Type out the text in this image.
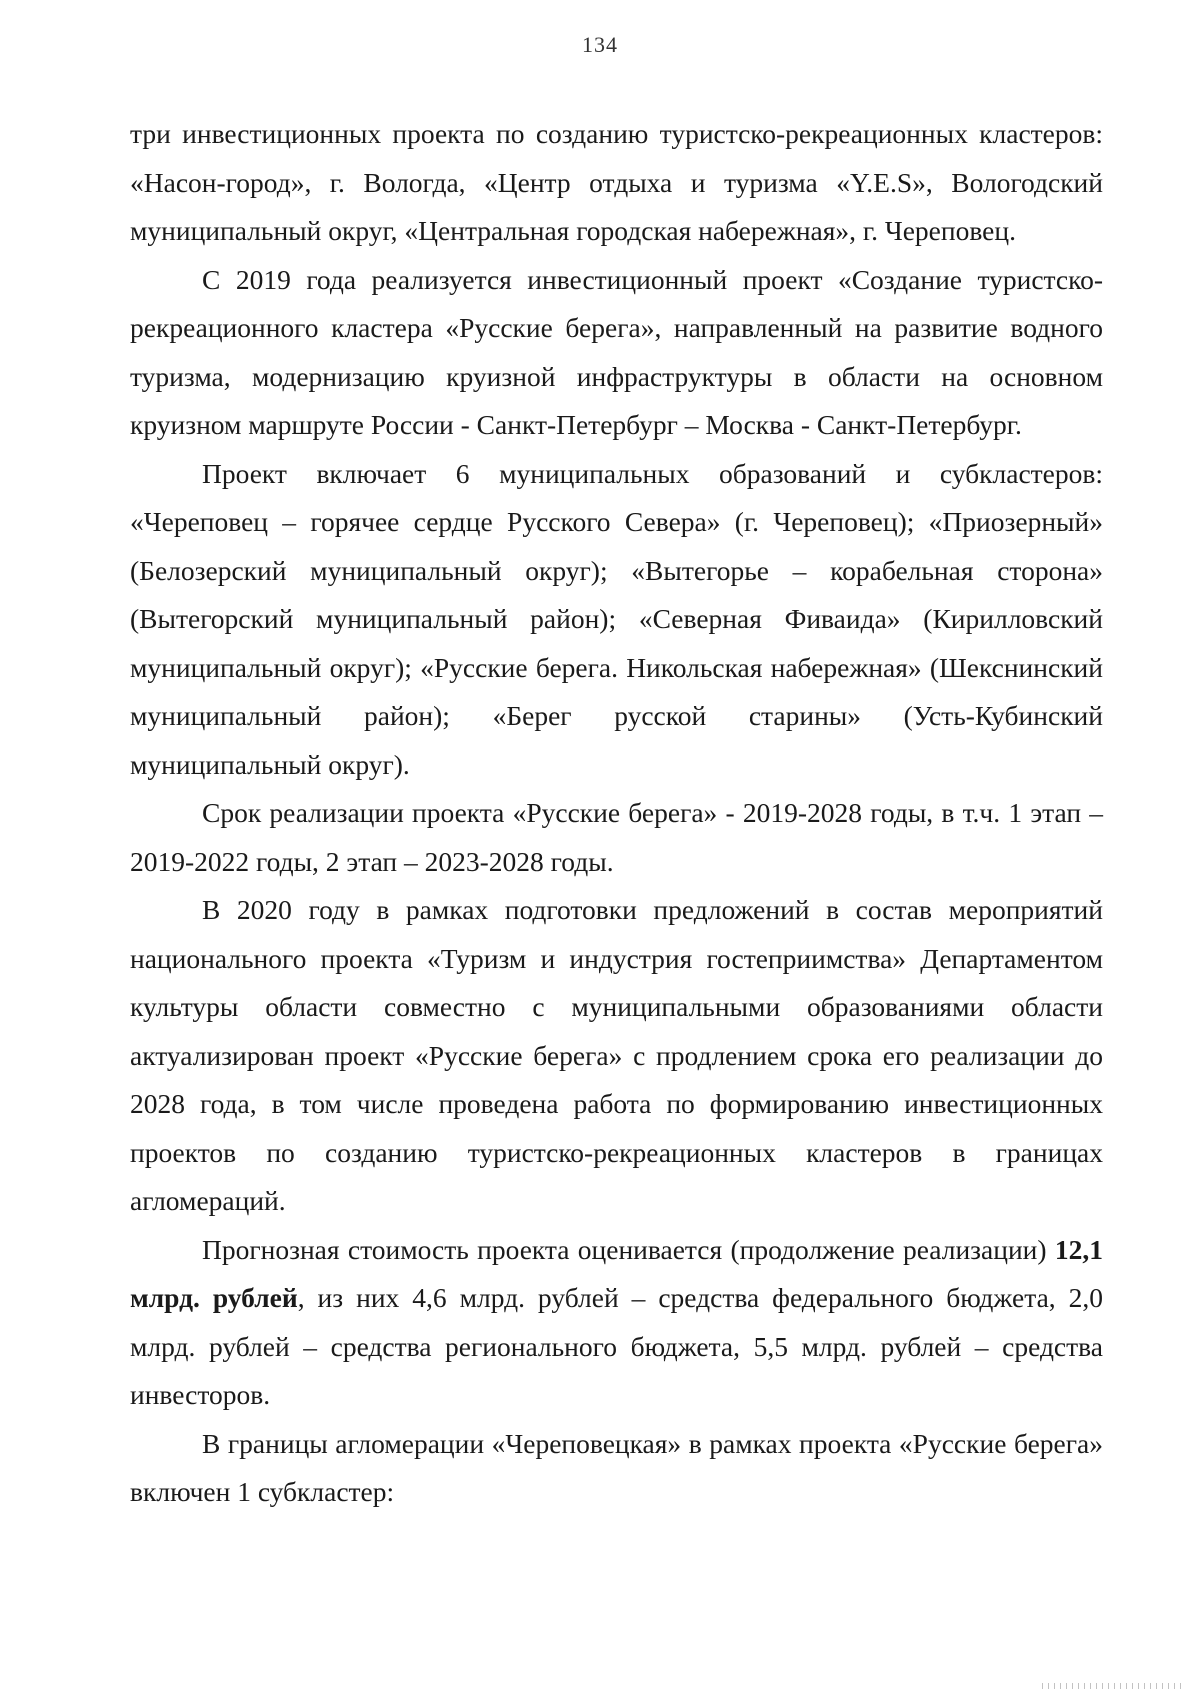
134

три инвестиционных проекта по созданию туристско-рекреационных кластеров: «Насон-город», г. Вологда, «Центр отдыха и туризма «Y.E.S», Вологодский муниципальный округ, «Центральная городская набережная», г. Череповец.

С 2019 года реализуется инвестиционный проект «Создание туристско-рекреационного кластера «Русские берега», направленный на развитие водного туризма, модернизацию круизной инфраструктуры в области на основном круизном маршруте России - Санкт-Петербург – Москва - Санкт-Петербург.

Проект включает 6 муниципальных образований и субкластеров: «Череповец – горячее сердце Русского Севера» (г. Череповец); «Приозерный» (Белозерский муниципальный округ); «Вытегорье – корабельная сторона» (Вытегорский муниципальный район); «Северная Фиваида» (Кирилловский муниципальный округ); «Русские берега. Никольская набережная» (Шекснинский муниципальный район); «Берег русской старины» (Усть-Кубинский муниципальный округ).

Срок реализации проекта «Русские берега» - 2019-2028 годы, в т.ч. 1 этап – 2019-2022 годы, 2 этап – 2023-2028 годы.

В 2020 году в рамках подготовки предложений в состав мероприятий национального проекта «Туризм и индустрия гостеприимства» Департаментом культуры области совместно с муниципальными образованиями области актуализирован проект «Русские берега» с продлением срока его реализации до 2028 года, в том числе проведена работа по формированию инвестиционных проектов по созданию туристско-рекреационных кластеров в границах агломераций.

Прогнозная стоимость проекта оценивается (продолжение реализации) 12,1 млрд. рублей, из них 4,6 млрд. рублей – средства федерального бюджета, 2,0 млрд. рублей – средства регионального бюджета, 5,5 млрд. рублей – средства инвесторов.

В границы агломерации «Череповецкая» в рамках проекта «Русские берега» включен 1 субкластер:
